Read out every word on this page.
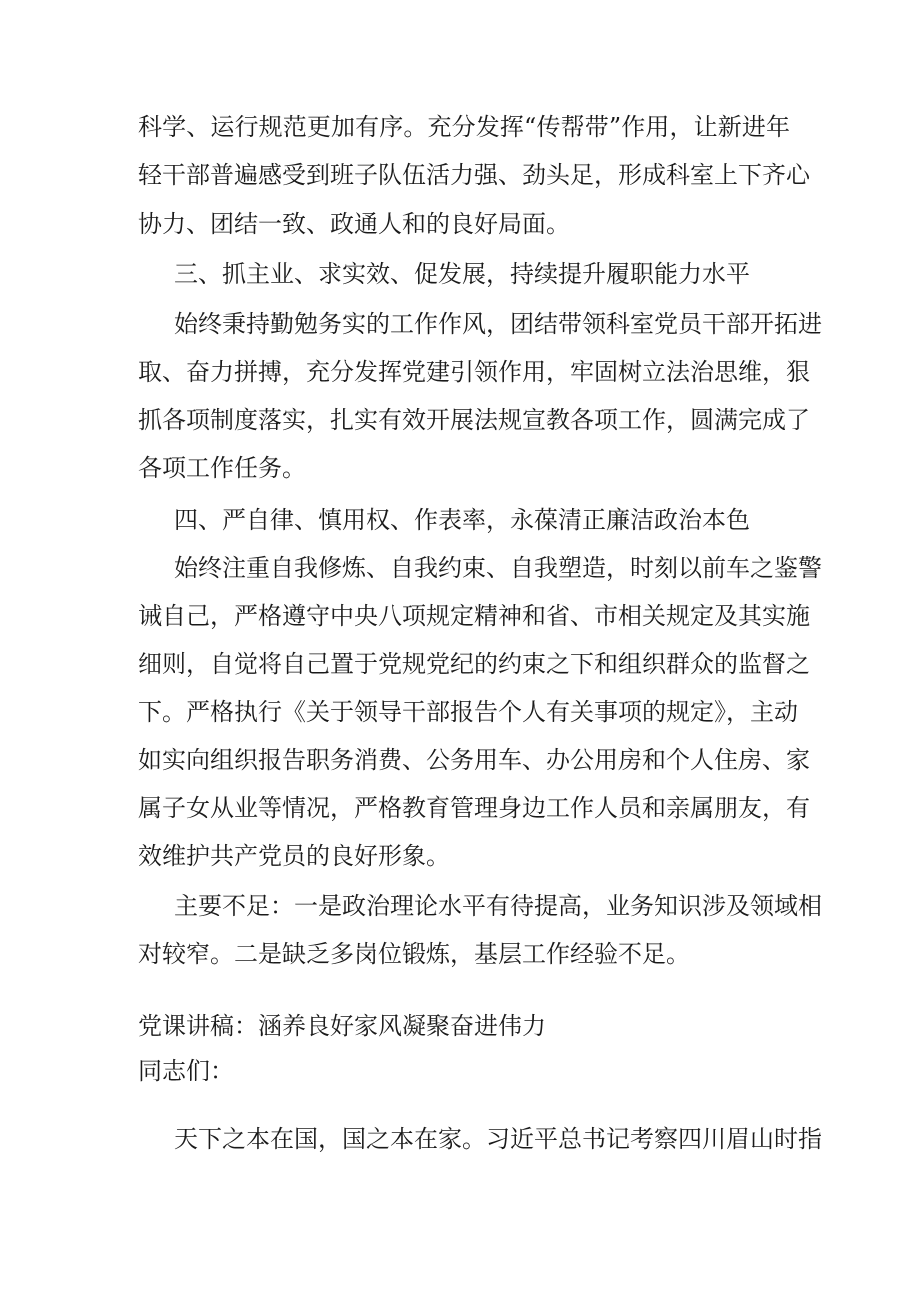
科学、运行规范更加有序。充分发挥“传帮带”作用，让新进年

轻干部普遍感受到班子队伍活力强、劲头足，形成科室上下齐心

协力、团结一致、政通人和的良好局面。

三、抓主业、求实效、促发展，持续提升履职能力水平

始终秉持勤勉务实的工作作风，团结带领科室党员干部开拓进

取、奋力拼搏，充分发挥党建引领作用，牢固树立法治思维，狠

抓各项制度落实，扎实有效开展法规宣教各项工作，圆满完成了

各项工作任务。

四、严自律、慎用权、作表率，永葆清正廉洁政治本色

始终注重自我修炼、自我约束、自我塑造，时刻以前车之鉴警

诫自己，严格遵守中央八项规定精神和省、市相关规定及其实施

细则，自觉将自己置于党规党纪的约束之下和组织群众的监督之

下。严格执行《关于领导干部报告个人有关事项的规定》，主动

如实向组织报告职务消费、公务用车、办公用房和个人住房、家

属子女从业等情况，严格教育管理身边工作人员和亲属朋友，有

效维护共产党员的良好形象。

主要不足：一是政治理论水平有待提高，业务知识涉及领域相

对较窄。二是缺乏多岗位锻炼，基层工作经验不足。

党课讲稿：涵养良好家风凝聚奋进伟力

同志们：

天下之本在国，国之本在家。习近平总书记考察四川眉山时指
